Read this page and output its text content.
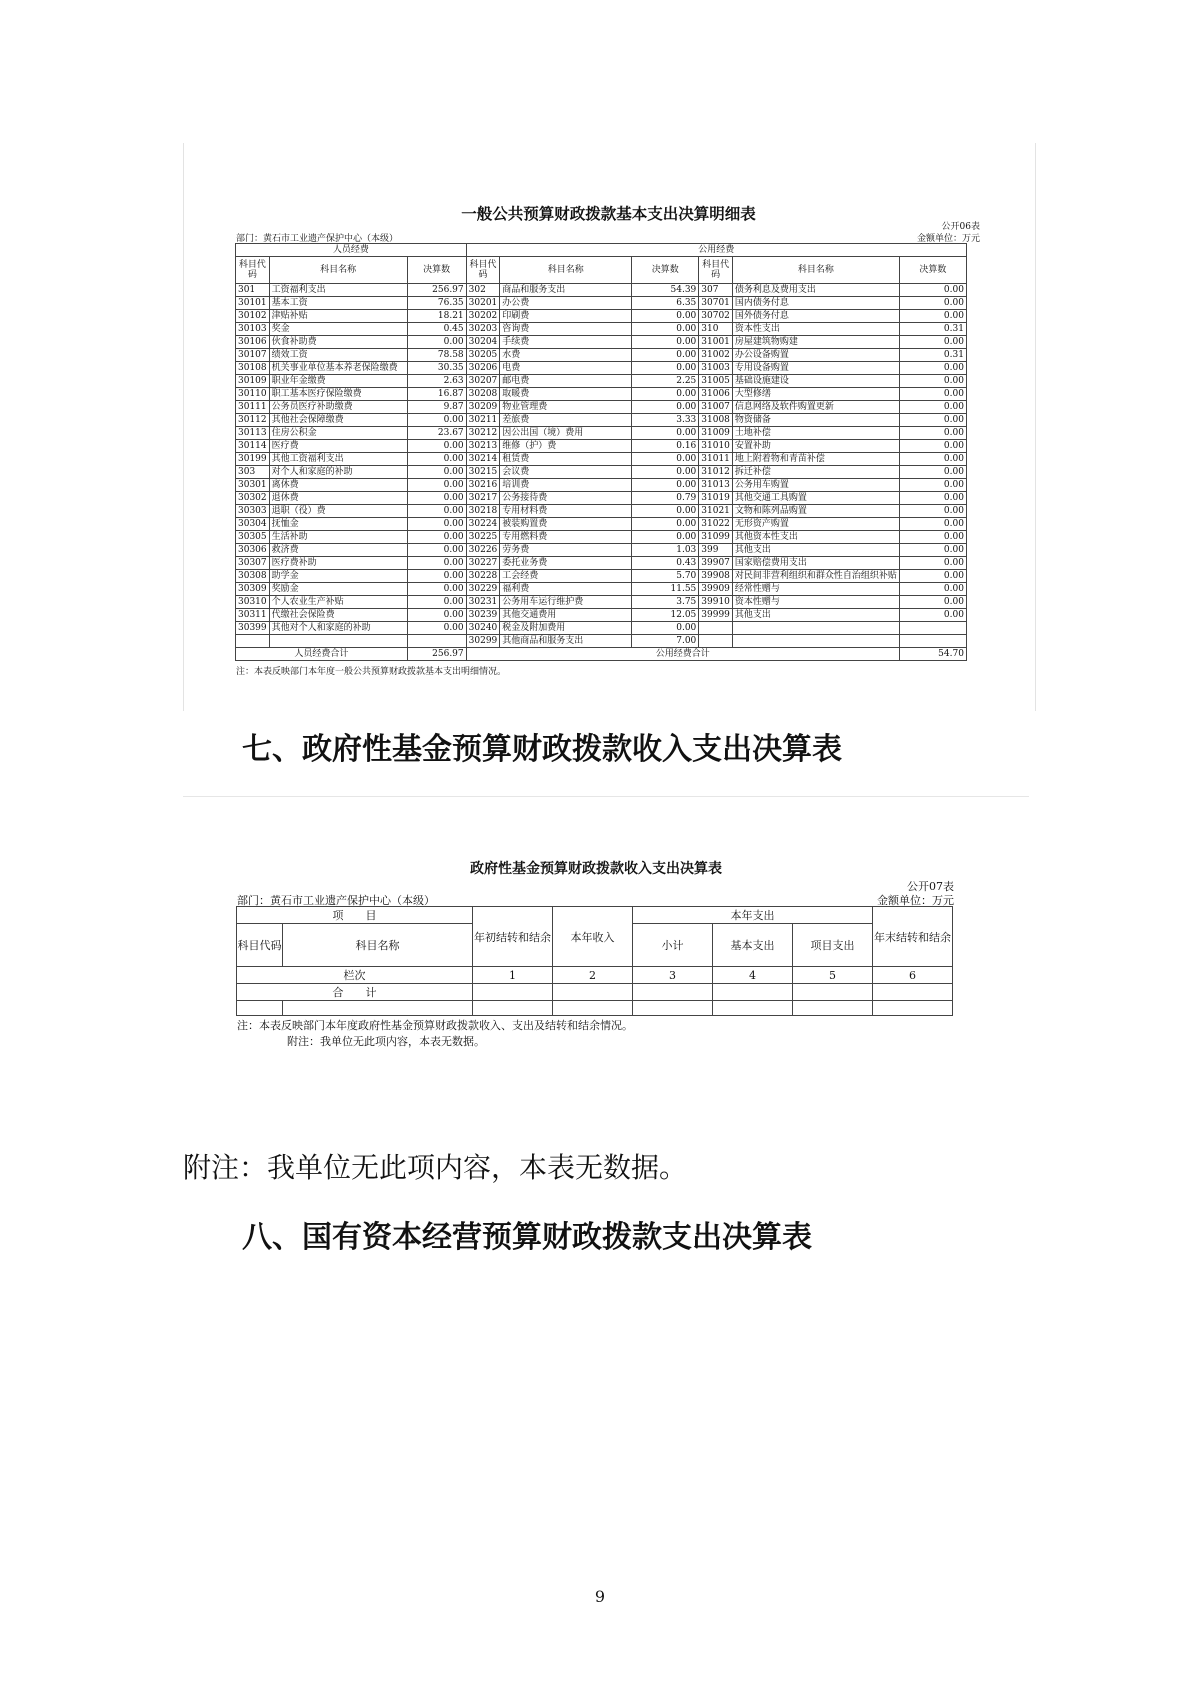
一般公共预算财政拨款基本支出决算明细表
公开06表
部门：黄石市工业遗产保护中心（本级）	金额单位：万元
人员经费			公用经费					
科目代码	科目名称	决算数	科目代码	科目名称	决算数	科目代码	科目名称	决算数
301	工资福利支出	256.97	302	商品和服务支出	54.39	307	债务利息及费用支出	0.00
30101	基本工资	76.35	30201	办公费	6.35	30701	国内债务付息	0.00
30102	津贴补贴	18.21	30202	印刷费	0.00	30702	国外债务付息	0.00
30103	奖金	0.45	30203	咨询费	0.00	310	资本性支出	0.31
30106	伙食补助费	0.00	30204	手续费	0.00	31001	房屋建筑物购建	0.00
30107	绩效工资	78.58	30205	水费	0.00	31002	办公设备购置	0.31
30108	机关事业单位基本养老保险缴费	30.35	30206	电费	0.00	31003	专用设备购置	0.00
30109	职业年金缴费	2.63	30207	邮电费	2.25	31005	基础设施建设	0.00
30110	职工基本医疗保险缴费	16.87	30208	取暖费	0.00	31006	大型修缮	0.00
30111	公务员医疗补助缴费	9.87	30209	物业管理费	0.00	31007	信息网络及软件购置更新	0.00
30112	其他社会保障缴费	0.00	30211	差旅费	3.33	31008	物资储备	0.00
30113	住房公积金	23.67	30212	因公出国（境）费用	0.00	31009	土地补偿	0.00
30114	医疗费	0.00	30213	维修（护）费	0.16	31010	安置补助	0.00
30199	其他工资福利支出	0.00	30214	租赁费	0.00	31011	地上附着物和青苗补偿	0.00
303	对个人和家庭的补助	0.00	30215	会议费	0.00	31012	拆迁补偿	0.00
30301	离休费	0.00	30216	培训费	0.00	31013	公务用车购置	0.00
30302	退休费	0.00	30217	公务接待费	0.79	31019	其他交通工具购置	0.00
30303	退职（役）费	0.00	30218	专用材料费	0.00	31021	文物和陈列品购置	0.00
30304	抚恤金	0.00	30224	被装购置费	0.00	31022	无形资产购置	0.00
30305	生活补助	0.00	30225	专用燃料费	0.00	31099	其他资本性支出	0.00
30306	救济费	0.00	30226	劳务费	1.03	399	其他支出	0.00
30307	医疗费补助	0.00	30227	委托业务费	0.43	39907	国家赔偿费用支出	0.00
30308	助学金	0.00	30228	工会经费	5.70	39908	对民间非营利组织和群众性自治组织补贴	0.00
30309	奖励金	0.00	30229	福利费	11.55	39909	经常性赠与	0.00
30310	个人农业生产补贴	0.00	30231	公务用车运行维护费	3.75	39910	资本性赠与	0.00
30311	代缴社会保险费	0.00	30239	其他交通费用	12.05	39999	其他支出	0.00
30399	其他对个人和家庭的补助	0.00	30240	税金及附加费用	0.00			
			30299	其他商品和服务支出	7.00			
人员经费合计		256.97	公用经费合计					54.70
注：本表反映部门本年度一般公共预算财政拨款基本支出明细情况。
七、政府性基金预算财政拨款收入支出决算表
政府性基金预算财政拨款收入支出决算表
公开07表
部门：黄石市工业遗产保护中心（本级）	金额单位：万元
项　　目		年初结转和结余	本年收入	本年支出			年末结转和结余
科目代码	科目名称			小计	基本支出	项目支出	
栏次		1	2	3	4	5	6
合　　计							

注：本表反映部门本年度政府性基金预算财政拨款收入、支出及结转和结余情况。
附注：我单位无此项内容，本表无数据。
附注：我单位无此项内容，本表无数据。
八、国有资本经营预算财政拨款支出决算表
9
